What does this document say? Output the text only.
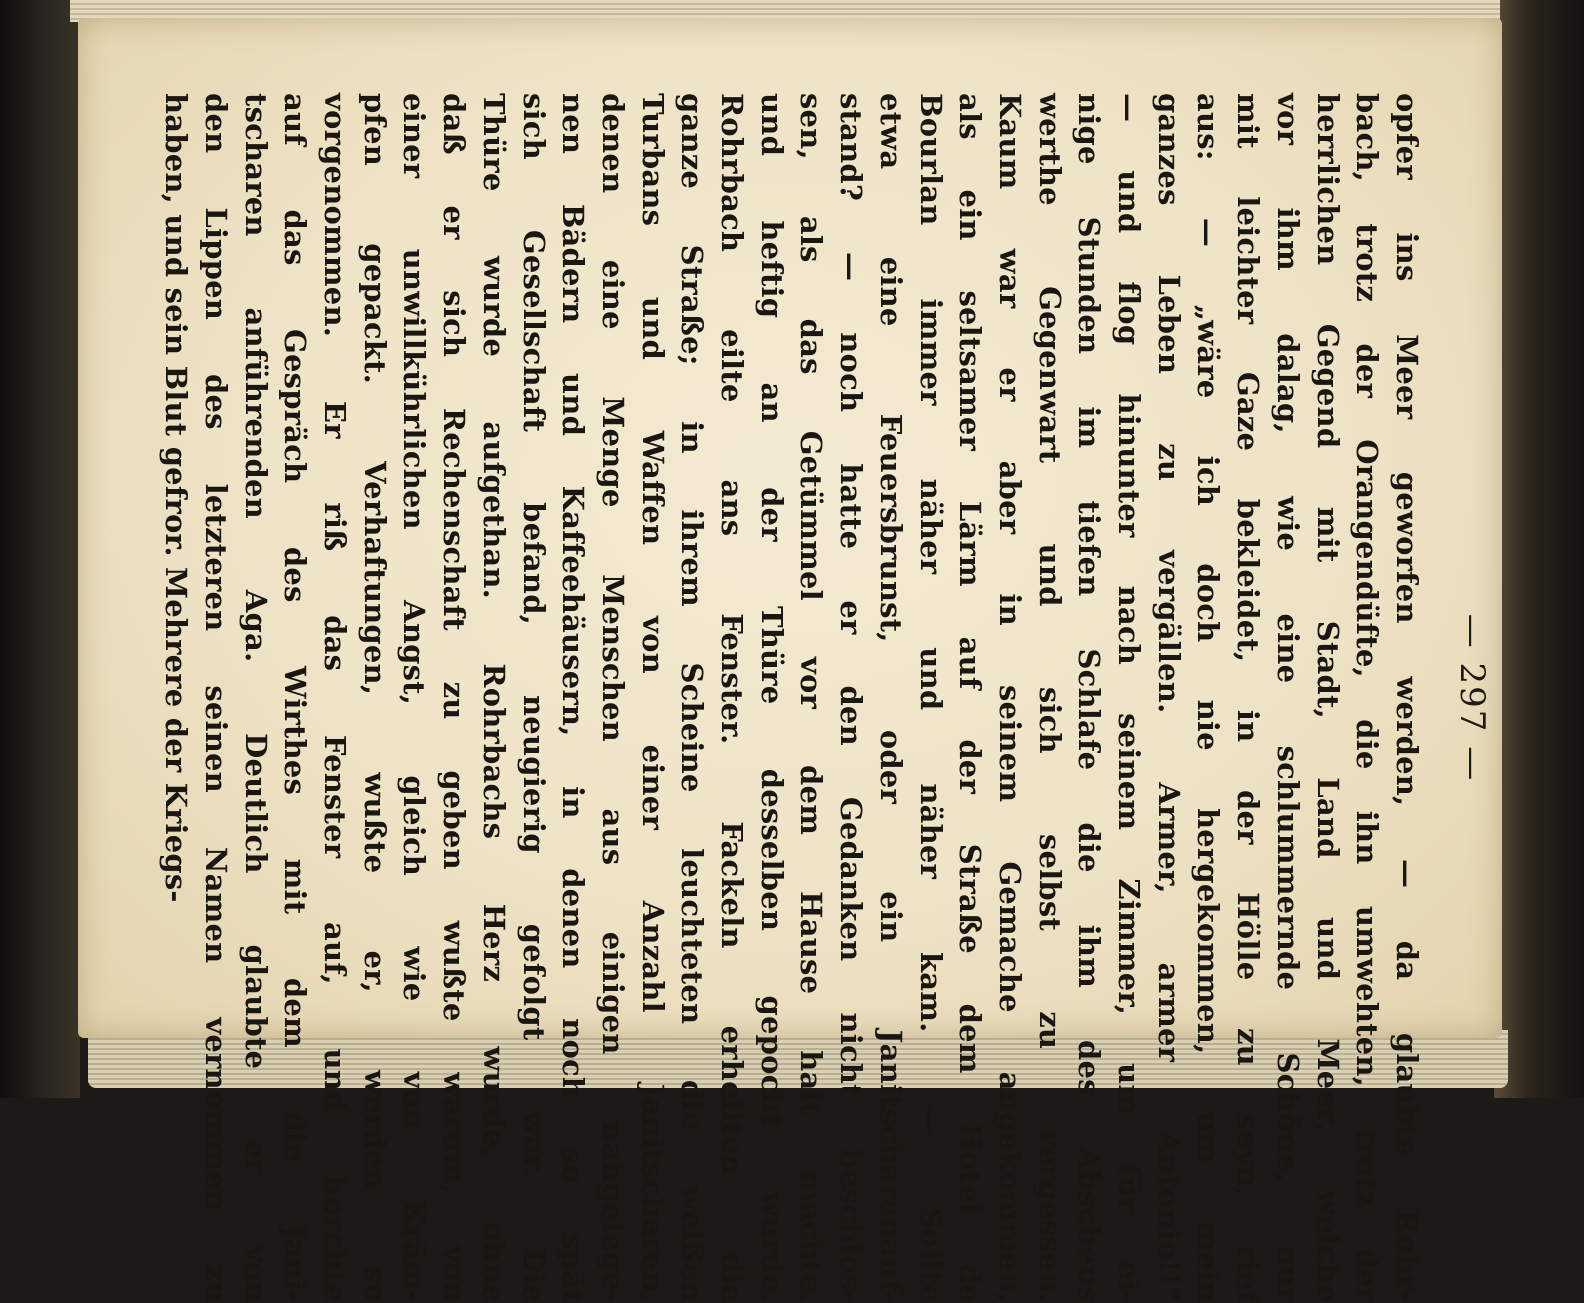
— 297 —
opfer ins Meer geworfen werden, — da glaubte Rohr-
bach, trotz der Orangendüfte, die ihn umwehten, trotz der
herrlichen Gegend mit Stadt, Land und Meer, welche
vor ihm dalag, wie eine schlummernde Schöne, nur
mit leichter Gaze bekleidet, in der Hölle zu seyn, rief
aus: — „wäre ich doch nie hergekommen, um mein
ganzes Leben zu vergällen. Armer, armer Antonio!!“
— und flog hinunter nach seinem Zimmer, um für ei-
nige Stunden im tiefen Schlafe die ihm des Abscheus
werthe Gegenwart und sich selbst zu vergessen.
Kaum war er aber in seinem Gemache angekommen,
als ein seltsamer Lärm auf der Straße dem Hotel de
Bourlan immer näher und näher kam. — Sollte
etwa eine Feuersbrunst, oder ein Janitscharenauf-
stand? — noch hatte er den Gedanken nicht beschlos-
sen, als das Getümmel vor dem Hause halt machte,
und heftig an der Thüre desselben gepocht wurde.
Rohrbach eilte ans Fenster. Fackeln erhellten die
ganze Straße; in ihrem Scheine leuchteten die weißen
Turbans und Waffen von einer Anzahl Janitscharen,
denen eine Menge Menschen aus einigen nahgelege-
nen Bädern und Kaffeehäusern, in denen noch so spät
sich Gesellschaft befand, neugierig gefolgt war. Die
Thüre wurde aufgethan. Rohrbachs Herz wurde, ohne
daß er sich Rechenschaft zu geben wußte warum, von
einer unwillkührlichen Angst, gleich wie von Krām-
pfen gepackt. Verhaftungen, wußte er, werden so
vorgenommen. Er riß das Fenster auf, und horchte
auf das Gespräch des Wirthes mit dem die Jani-
tscharen anführenden Aga. Deutlich glaubte er von
den Lippen des letzteren seinen Namen vernommen zu
haben, und sein Blut gefror. Mehrere der Kriegs-
